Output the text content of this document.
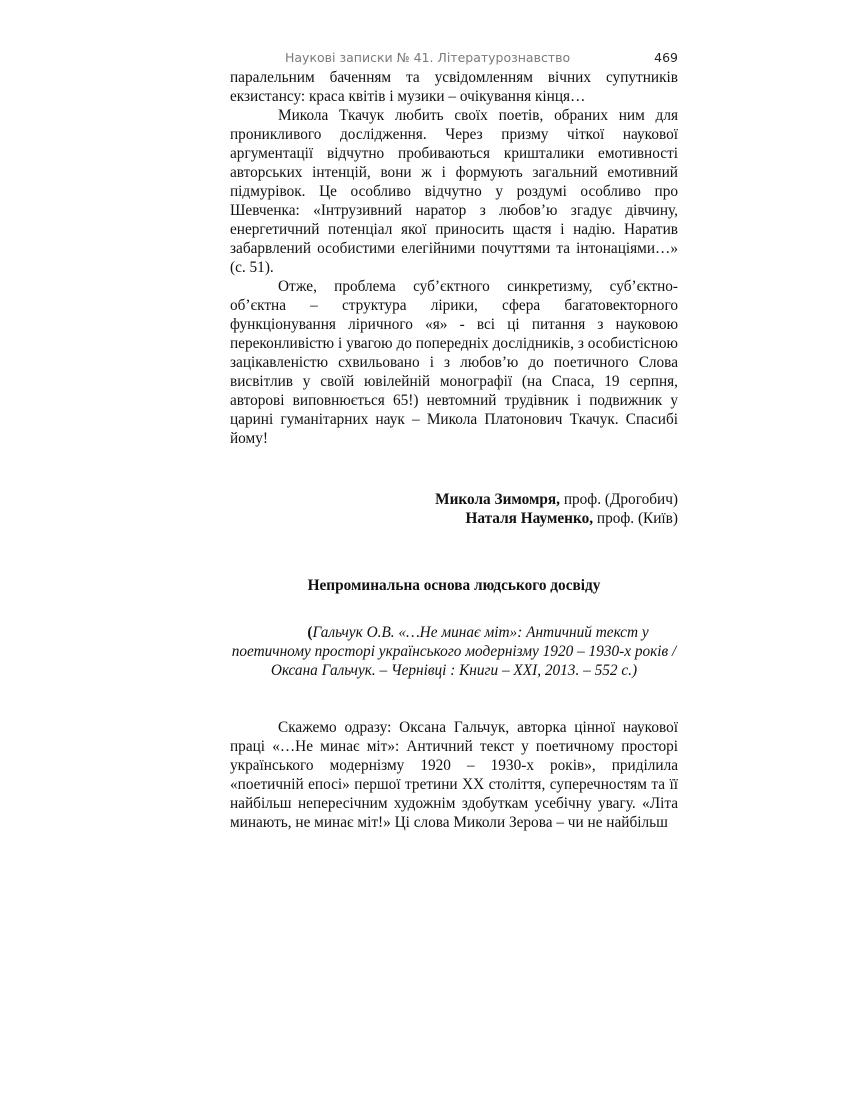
Наукові записки № 41. Літературознавство	469

паралельним баченням та усвідомленням вічних супутників екзистансу: краса квітів і музики – очікування кінця…

Микола Ткачук любить своїх поетів, обраних ним для проникливого дослідження. Через призму чіткої наукової аргументації відчутно пробиваються кришталики емотивності авторських інтенцій, вони ж і формують загальний емотивний підмурівок. Це особливо відчутно у роздумі особливо про Шевченка: «Інтрузивний наратор з любов’ю згадує дівчину, енергетичний потенціал якої приносить щастя і надію. Наратив забарвлений особистими елегійними почуттями та інтонаціями…» (с. 51).

Отже, проблема суб’єктного синкретизму, суб’єктно-об’єктна – структура лірики, сфера багатовекторного функціонування ліричного «я» - всі ці питання з науковою переконливістю і увагою до попередніх дослідників, з особистісною зацікавленістю схвильовано і з любов’ю до поетичного Слова висвітлив у своїй ювілейній монографії (на Спаса, 19 серпня, авторові виповнюється 65!) невтомний трудівник і подвижник у царині гуманітарних наук – Микола Платонович Ткачук. Спасибі йому!

Микола Зимомря, проф. (Дрогобич)
Наталя Науменко, проф. (Київ)
Непроминальна основа людського досвіду
(Гальчук О.В. «…Не минає міт»: Античний текст у поетичному просторі українського модернізму 1920 – 1930-х років / Оксана Гальчук. – Чернівці : Книги – XXI, 2013. – 552 с.)

Скажемо одразу: Оксана Гальчук, авторка цінної наукової праці «…Не минає міт»: Античний текст у поетичному просторі українського модернізму 1920 – 1930-х років», приділила «поетичній епосі» першої третини XX століття, суперечностям та її найбільш непересічним художнім здобуткам усебічну увагу. «Літа минають, не минає міт!» Ці слова Миколи Зерова – чи не найбільш
